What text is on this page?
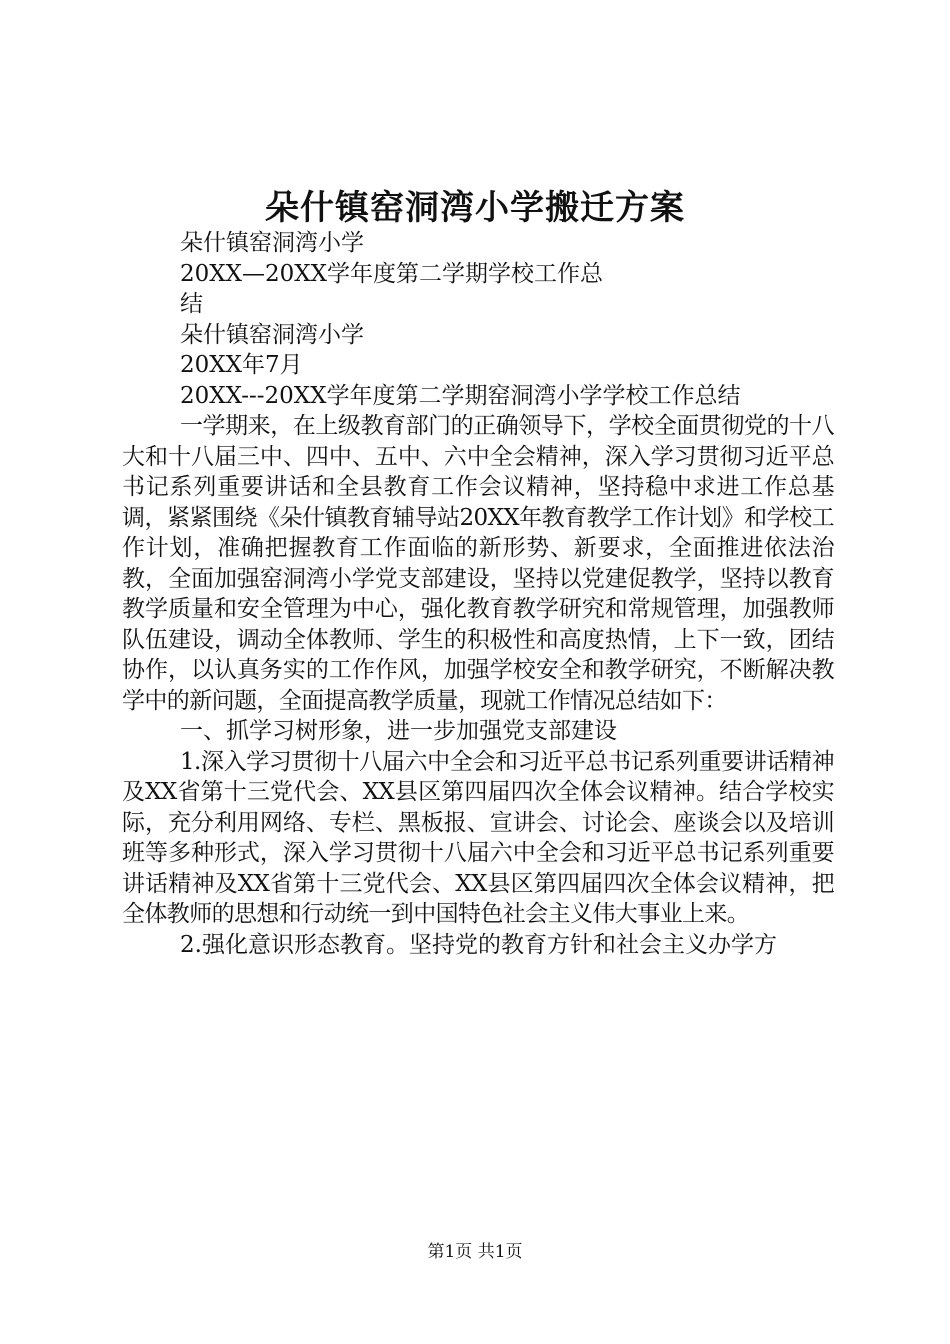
朵什镇窑洞湾小学搬迁方案

朵什镇窑洞湾小学

20XX—20XX学年度第二学期学校工作总

结

朵什镇窑洞湾小学

20XX年7月

20XX---20XX学年度第二学期窑洞湾小学学校工作总结

一学期来，在上级教育部门的正确领导下，学校全面贯彻党的十八大和十八届三中、四中、五中、六中全会精神，深入学习贯彻习近平总书记系列重要讲话和全县教育工作会议精神，坚持稳中求进工作总基调，紧紧围绕《朵什镇教育辅导站20XX年教育教学工作计划》和学校工作计划，准确把握教育工作面临的新形势、新要求，全面推进依法治教，全面加强窑洞湾小学党支部建设，坚持以党建促教学，坚持以教育教学质量和安全管理为中心，强化教育教学研究和常规管理，加强教师队伍建设，调动全体教师、学生的积极性和高度热情，上下一致，团结协作，以认真务实的工作作风，加强学校安全和教学研究，不断解决教学中的新问题，全面提高教学质量，现就工作情况总结如下：

一、抓学习树形象，进一步加强党支部建设

1.深入学习贯彻十八届六中全会和习近平总书记系列重要讲话精神及XX省第十三党代会、XX县区第四届四次全体会议精神。结合学校实际，充分利用网络、专栏、黑板报、宣讲会、讨论会、座谈会以及培训班等多种形式，深入学习贯彻十八届六中全会和习近平总书记系列重要讲话精神及XX省第十三党代会、XX县区第四届四次全体会议精神，把全体教师的思想和行动统一到中国特色社会主义伟大事业上来。

2.强化意识形态教育。坚持党的教育方针和社会主义办学方

第1页 共1页
